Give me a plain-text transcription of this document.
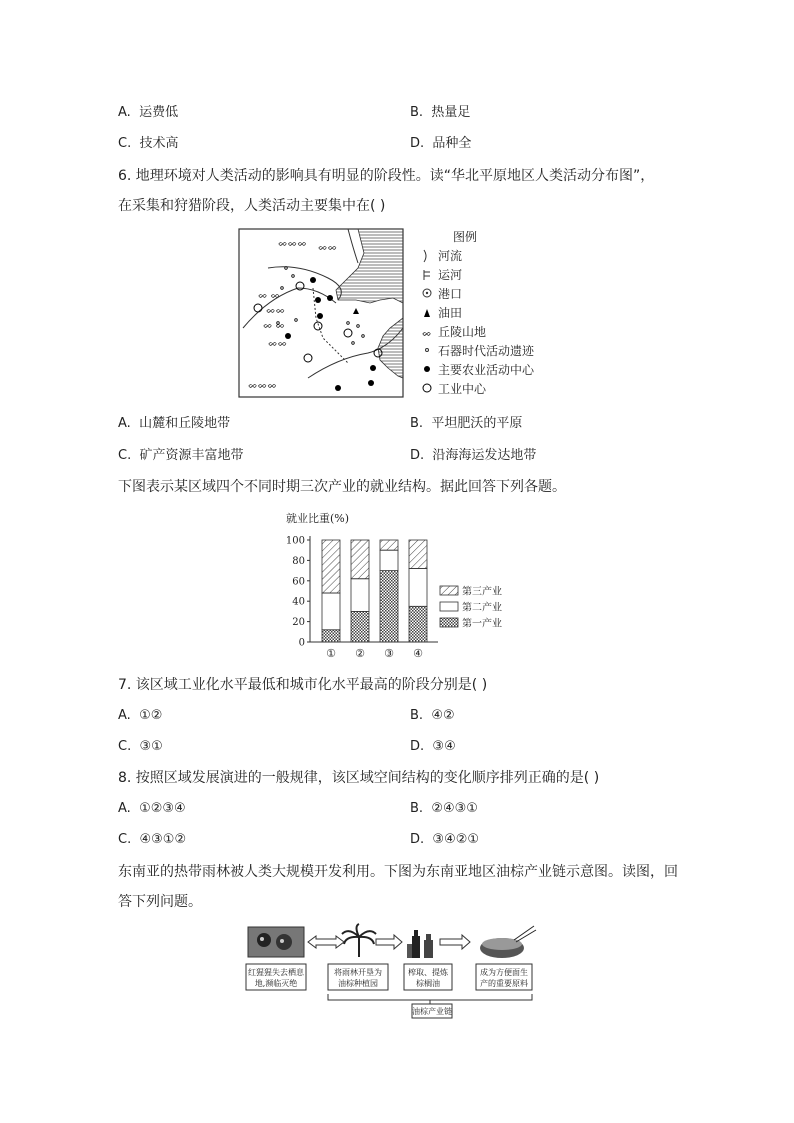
A. 运费低	B. 热量足
C. 技术高	D. 品种全
6. 地理环境对人类活动的影响具有明显的阶段性。读“华北平原地区人类活动分布图”，
在采集和狩猎阶段，人类活动主要集中在( )
ᨖᨖᨖ ᨖᨖ
ᨖ ᨖ
ᨖᨖ
ᨖ ᨖ
ᨖᨖ
ᨖᨖᨖ
图例
河流
运河
港口
油田
ᨖ 丘陵山地
石器时代活动遗迹
主要农业活动中心
工业中心
A. 山麓和丘陵地带	B. 平坦肥沃的平原
C. 矿产资源丰富地带	D. 沿海海运发达地带
下图表示某区域四个不同时期三次产业的就业结构。据此回答下列各题。
就业比重(%)
0
20
40
60
80
100
① ② ③ ④
第三产业
第二产业
第一产业
7. 该区域工业化水平最低和城市化水平最高的阶段分别是( )
A. ①②	B. ④②
C. ③①	D. ③④
8. 按照区域发展演进的一般规律，该区域空间结构的变化顺序排列正确的是( )
A. ①②③④	B. ②④③①
C. ④③①②	D. ③④②①
东南亚的热带雨林被人类大规模开发利用。下图为东南亚地区油棕产业链示意图。读图，回
答下列问题。
红猩猩失去栖息
地,濒临灭绝
将雨林开垦为
油棕种植园
榨取、提炼
棕榈油
成为方便面生
产的重要原料
油棕产业链
